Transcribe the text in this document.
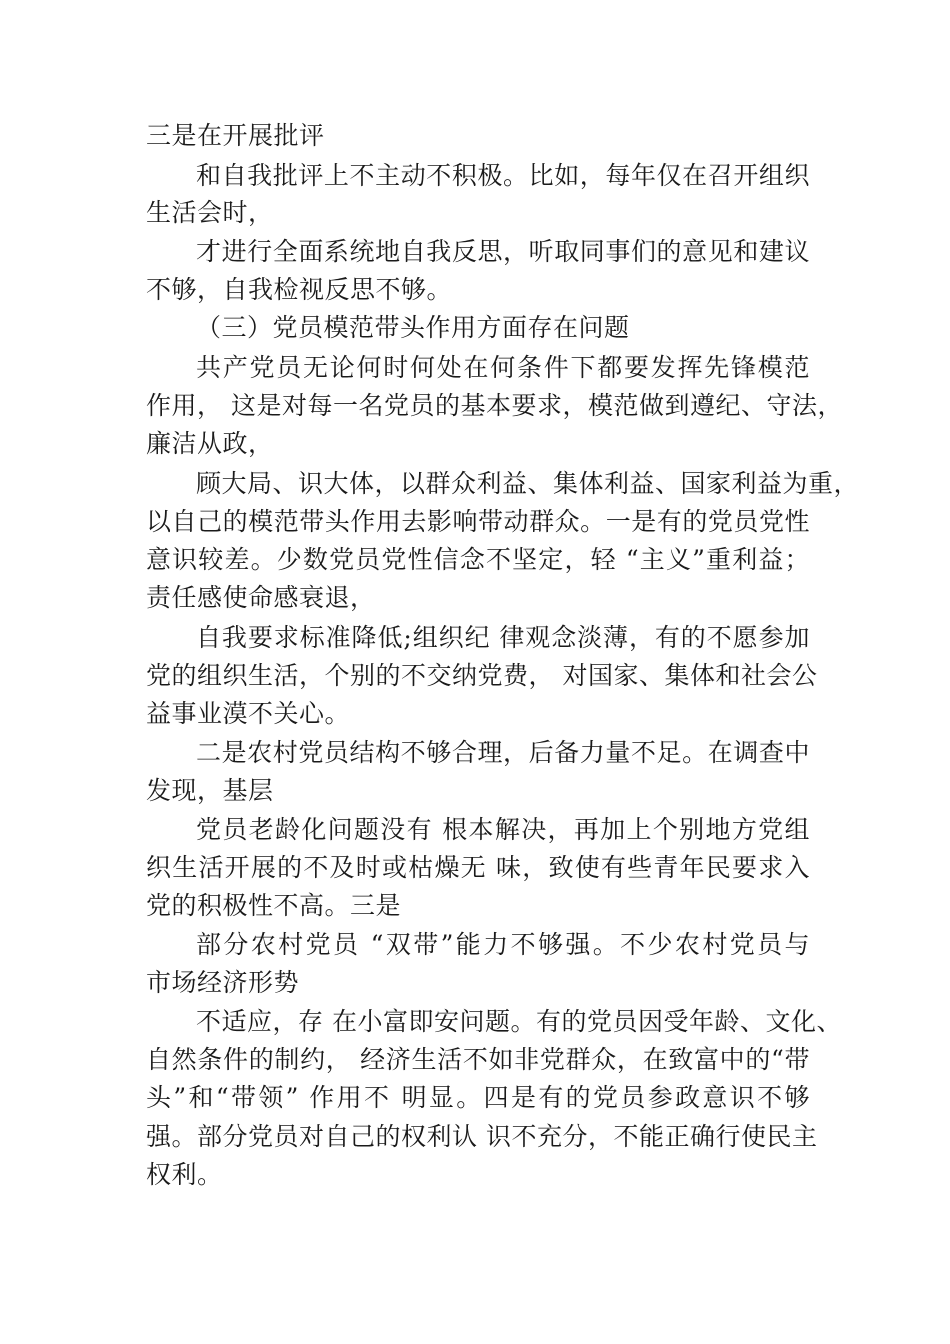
三是在开展批评
和自我批评上不主动不积极。比如，每年仅在召开组织
生活会时，
才进行全面系统地自我反思，听取同事们的意见和建议
不够，自我检视反思不够。
（三）党员模范带头作用方面存在问题
共产党员无论何时何处在何条件下都要发挥先锋模范
作用， 这是对每一名党员的基本要求，模范做到遵纪、守法，
廉洁从政，
顾大局、识大体，以群众利益、集体利益、国家利益为重，
以自己的模范带头作用去影响带动群众。一是有的党员党性
意识较差。少数党员党性信念不坚定，轻 “主义”重利益；
责任感使命感衰退，
自我要求标准降低;组织纪 律观念淡薄，有的不愿参加
党的组织生活，个别的不交纳党费， 对国家、集体和社会公
益事业漠不关心。
二是农村党员结构不够合理，后备力量不足。在调查中
发现，基层
党员老龄化问题没有 根本解决，再加上个别地方党组
织生活开展的不及时或枯燥无 味，致使有些青年民要求入
党的积极性不高。三是
部分农村党员 “双带”能力不够强。不少农村党员与
市场经济形势
不适应，存 在小富即安问题。有的党员因受年龄、文化、
自然条件的制约， 经济生活不如非党群众，在致富中的“带
头”和“带领” 作用不 明显。四是有的党员参政意识不够
强。部分党员对自己的权利认 识不充分，不能正确行使民主
权利。
